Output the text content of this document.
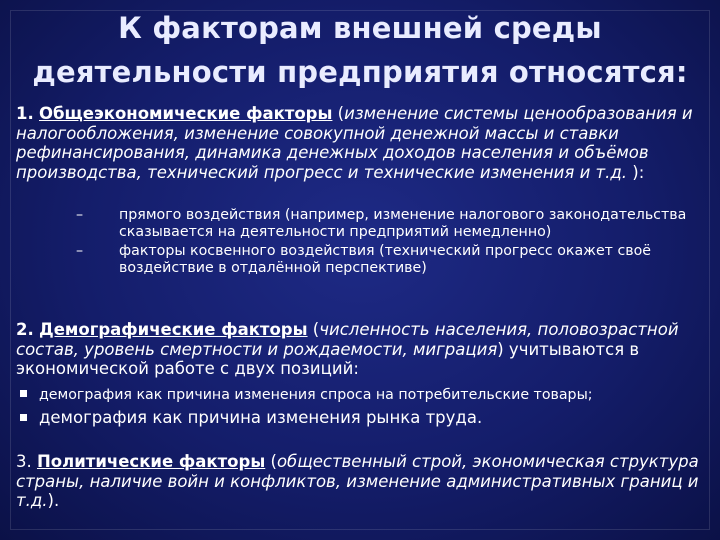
К факторам внешней среды
деятельности предприятия относятся:
1. Общеэкономические факторы (изменение системы ценообразования и налогообложения, изменение совокупной денежной массы и ставки рефинансирования, динамика денежных доходов населения и объёмов производства, технический прогресс и технические изменения и т.д. ):
–	прямого воздействия (например, изменение налогового законодательства сказывается на деятельности предприятий немедленно)
–	факторы косвенного воздействия (технический прогресс окажет своё воздействие в отдалённой перспективе)
2. Демографические факторы (численность населения, половозрастной состав, уровень смертности и рождаемости, миграция) учитываются в экономической работе с двух позиций:
демография как причина изменения спроса на потребительские товары;
демография как причина изменения рынка труда.
3. Политические факторы (общественный строй, экономическая структура страны, наличие войн и конфликтов, изменение административных границ и т.д.).
